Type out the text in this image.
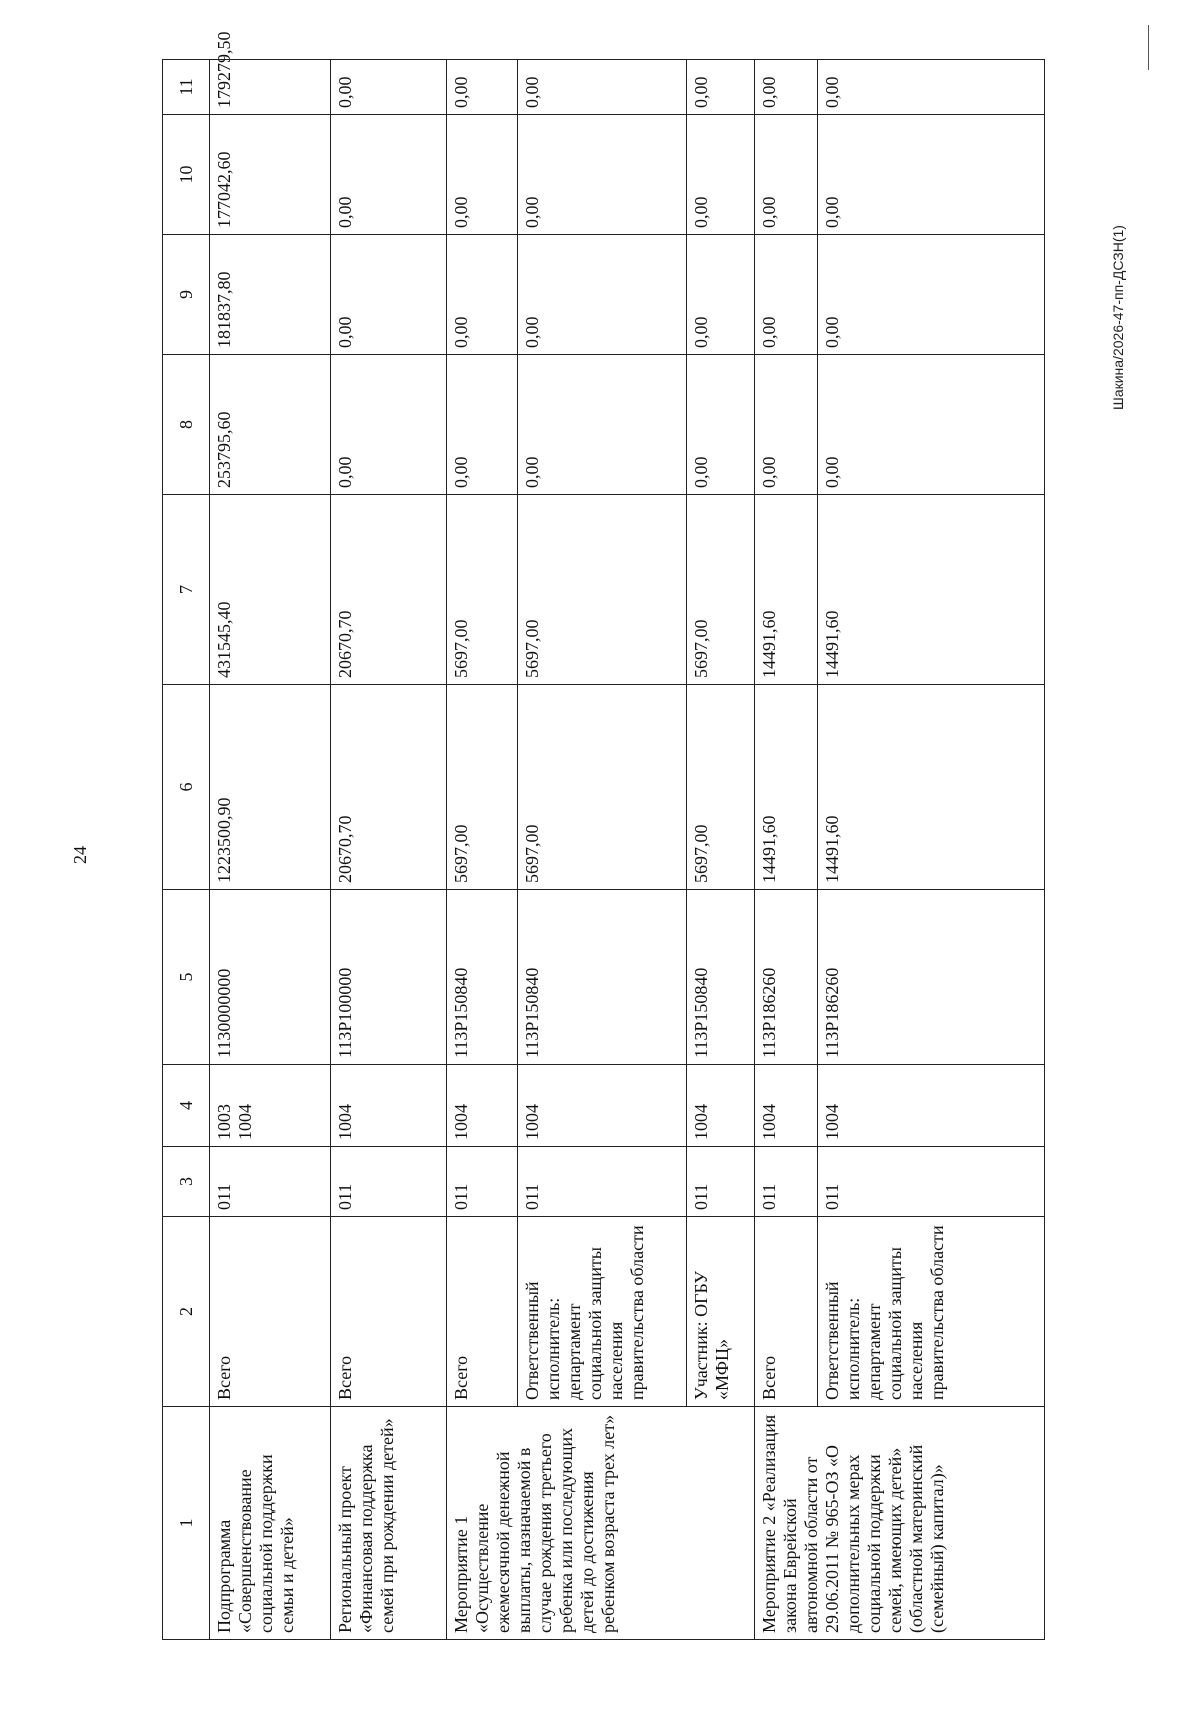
24
1	2	3	4	5	6	7	8	9	10	11
Подпрограмма «Совершенствование социальной поддержки семьи и детей»	Всего	011	1003 1004	1130000000	1223500,90	431545,40	253795,60	181837,80	177042,60	179279,50
Региональный проект «Финансовая поддержка семей при рождении детей»	Всего	011	1004	113P100000	20670,70	20670,70	0,00	0,00	0,00	0,00
Мероприятие 1 «Осуществление ежемесячной денежной выплаты, назначаемой в случае рождения третьего ребенка или последующих детей до достижения ребенком возраста трех лет»	Всего	011	1004	113P150840	5697,00	5697,00	0,00	0,00	0,00	0,00
	Ответственный исполнитель: департамент социальной защиты населения правительства области	011	1004	113P150840	5697,00	5697,00	0,00	0,00	0,00	0,00
	Участник: ОГБУ «МФЦ»	011	1004	113P150840	5697,00	5697,00	0,00	0,00	0,00	0,00
Мероприятие 2 «Реализация закона Еврейской автономной области от 29.06.2011 № 965-ОЗ «О дополнительных мерах социальной поддержки семей, имеющих детей» (областной материнский (семейный) капитал)»	Всего	011	1004	113P186260	14491,60	14491,60	0,00	0,00	0,00	0,00
	Ответственный исполнитель: департамент социальной защиты населения правительства области	011	1004	113P186260	14491,60	14491,60	0,00	0,00	0,00	0,00
Шакина/2026-47-пп-ДСЗН(1)
